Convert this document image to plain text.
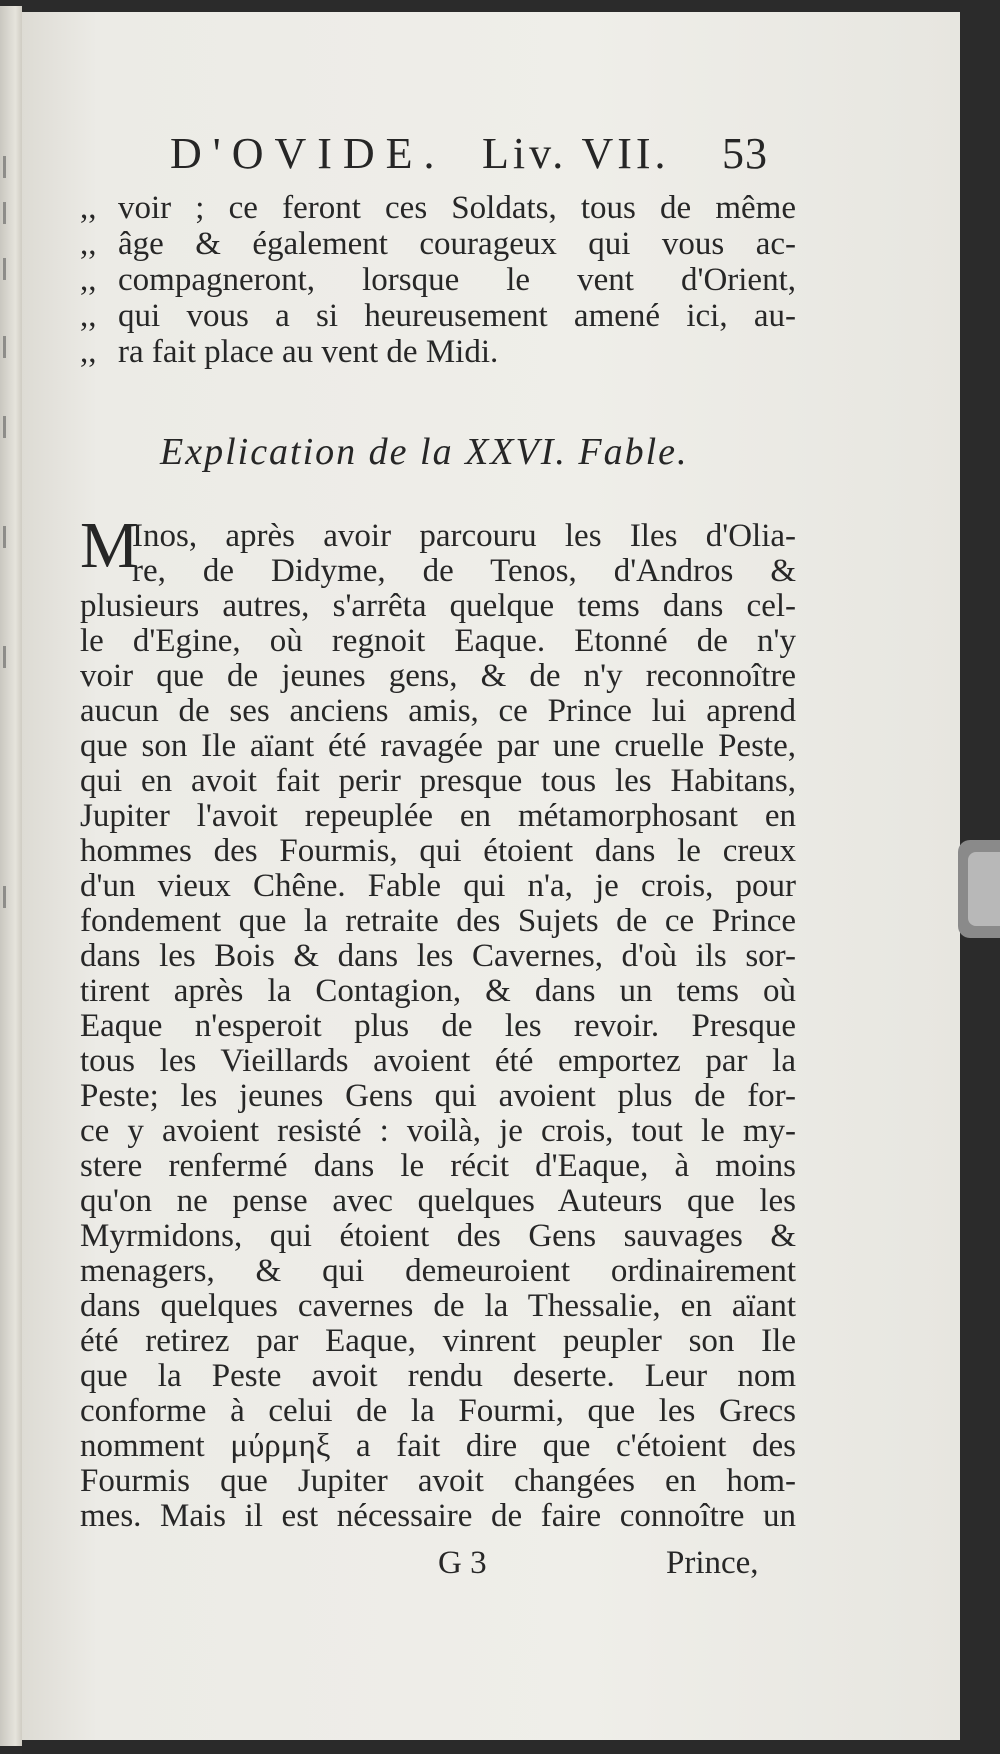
D'OVIDE. Liv. VII. 53
,, voir ; ce feront ces Soldats, tous de même
,, âge & également courageux qui vous ac-
,, compagneront, lorsque le vent d'Orient,
,, qui vous a si heureusement amené ici, au-
,, ra fait place au vent de Midi.
Explication de la XXVI. Fable.
M
Inos, après avoir parcouru les Iles d'Olia-
re, de Didyme, de Tenos, d'Andros &
plusieurs autres, s'arrêta quelque tems dans cel-
le d'Egine, où regnoit Eaque. Etonné de n'y
voir que de jeunes gens, & de n'y reconnoître
aucun de ses anciens amis, ce Prince lui aprend
que son Ile aïant été ravagée par une cruelle Peste,
qui en avoit fait perir presque tous les Habitans,
Jupiter l'avoit repeuplée en métamorphosant en
hommes des Fourmis, qui étoient dans le creux
d'un vieux Chêne. Fable qui n'a, je crois, pour
fondement que la retraite des Sujets de ce Prince
dans les Bois & dans les Cavernes, d'où ils sor-
tirent après la Contagion, & dans un tems où
Eaque n'esperoit plus de les revoir. Presque
tous les Vieillards avoient été emportez par la
Peste; les jeunes Gens qui avoient plus de for-
ce y avoient resisté : voilà, je crois, tout le my-
stere renfermé dans le récit d'Eaque, à moins
qu'on ne pense avec quelques Auteurs que les
Myrmidons, qui étoient des Gens sauvages &
menagers, & qui demeuroient ordinairement
dans quelques cavernes de la Thessalie, en aïant
été retirez par Eaque, vinrent peupler son Ile
que la Peste avoit rendu deserte. Leur nom
conforme à celui de la Fourmi, que les Grecs
nomment μύρμηξ a fait dire que c'étoient des
Fourmis que Jupiter avoit changées en hom-
mes. Mais il est nécessaire de faire connoître un
G 3	Prince,
